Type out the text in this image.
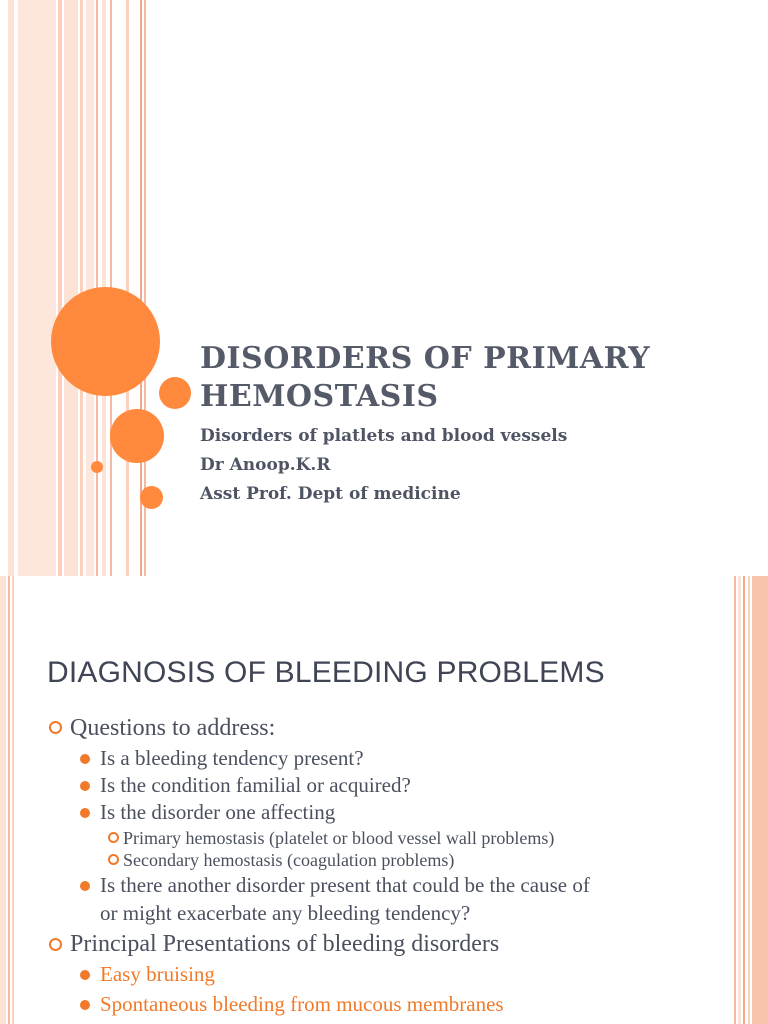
DISORDERS OF PRIMARY
HEMOSTASIS

Disorders of platlets and blood vessels

Dr Anoop.K.R

Asst Prof. Dept of medicine

DIAGNOSIS OF BLEEDING PROBLEMS
Questions to address:
Is a bleeding tendency present?
Is the condition familial or acquired?
Is the disorder one affecting
Primary hemostasis (platelet or blood vessel wall problems)
Secondary hemostasis (coagulation problems)
Is there another disorder present that could be the cause of
or might exacerbate any bleeding tendency?
Principal Presentations of bleeding disorders
Easy bruising
Spontaneous bleeding from mucous membranes
